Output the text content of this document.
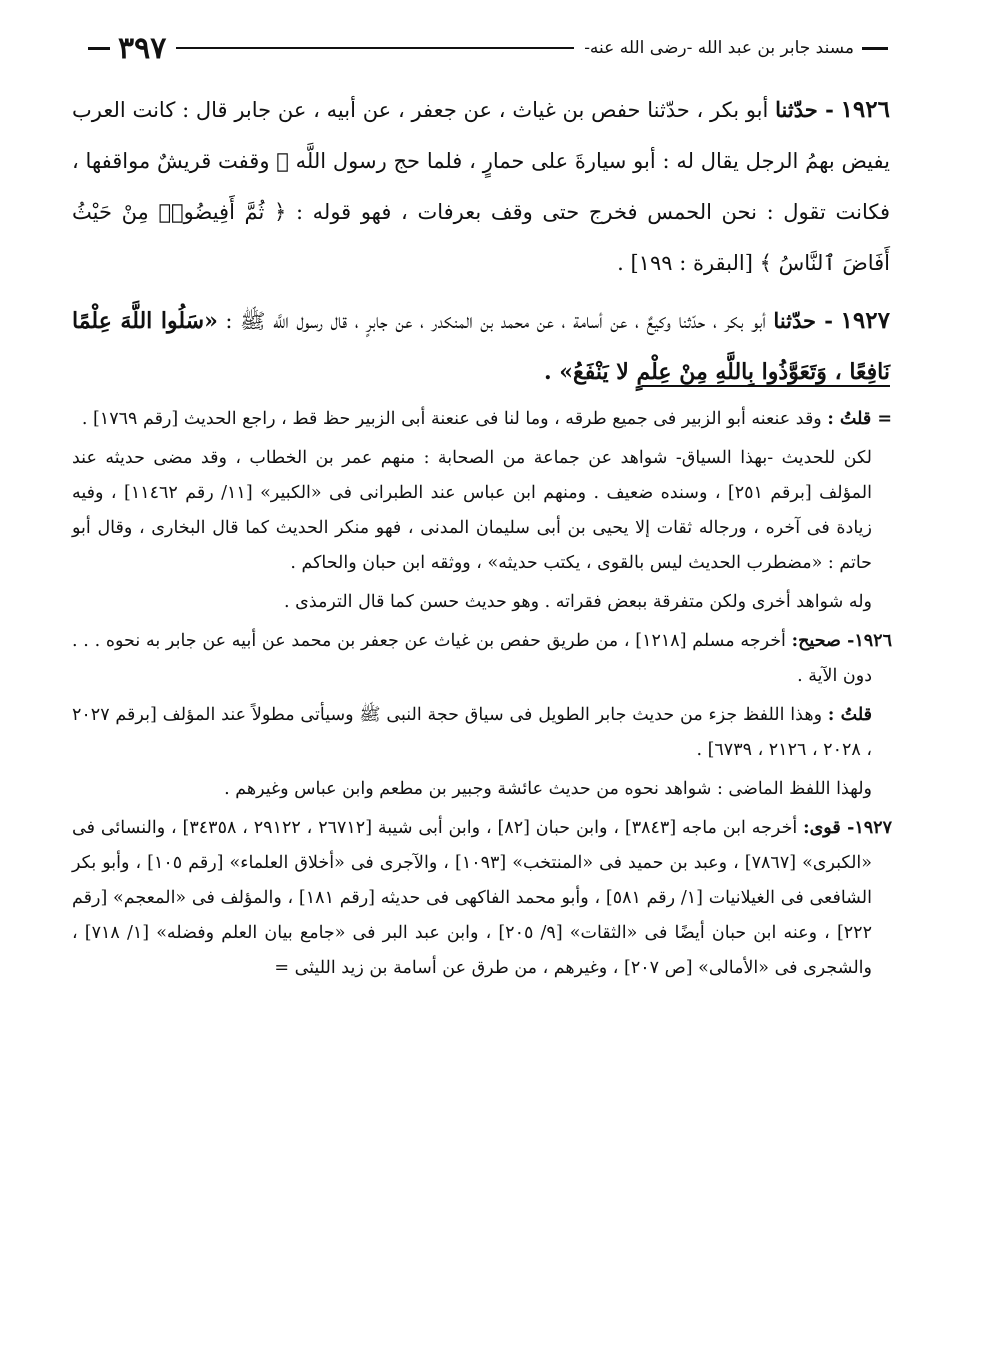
٣٩٧	مسند جابر بن عبد الله -رضى الله عنه-

١٩٢٦ - حدّثنا أبو بكر ، حدّثنا حفص بن غياث ، عن جعفر ، عن أبيه ، عن جابر قال : كانت العرب يفيض بهمُ الرجل يقال له : أبو سيارةَ على حمارٍ ، فلما حج رسول اللَّه ﷺ وقفت قريشٌ مواقفها ، فكانت تقول : نحن الحمس فخرج حتى وقف بعرفات ، فهو قوله : ﴿ ثُمَّ أَفِيضُوا۟ مِنْ حَيْثُ أَفَاضَ ٱلنَّاسُ ﴾ [البقرة : ١٩٩] .

١٩٢٧ - حدّثنا أبو بكر ، حدّثنا وكيعٌ ، عن أسامة ، عن محمد بن المنكدر ، عن جابرٍ ، قال رسول اللَّه ﷺ : «سَلُوا اللَّهَ عِلْمًا نَافِعًا ، وَتَعَوَّذُوا بِاللَّهِ مِنْ عِلْمٍ لا يَنْفَعُ» .

= قلتُ : وقد عنعنه أبو الزبير فى جميع طرقه ، وما لنا فى عنعنة أبى الزبير حظ قط ، راجع الحديث [رقم ١٧٦٩] .

لكن للحديث -بهذا السياق- شواهد عن جماعة من الصحابة : منهم عمر بن الخطاب ، وقد مضى حديثه عند المؤلف [برقم ٢٥١] ، وسنده ضعيف . ومنهم ابن عباس عند الطبرانى فى «الكبير» [١١/ رقم ١١٤٦٢] ، وفيه زيادة فى آخره ، ورجاله ثقات إلا يحيى بن أبى سليمان المدنى ، فهو منكر الحديث كما قال البخارى ، وقال أبو حاتم : «مضطرب الحديث ليس بالقوى ، يكتب حديثه» ، ووثقه ابن حبان والحاكم .

وله شواهد أخرى ولكن متفرقة ببعض فقراته . وهو حديث حسن كما قال الترمذى .

١٩٢٦- صحيح: أخرجه مسلم [١٢١٨] ، من طريق حفص بن غياث عن جعفر بن محمد عن أبيه عن جابر به نحوه . . . دون الآية .

قلتُ : وهذا اللفظ جزء من حديث جابر الطويل فى سياق حجة النبى ﷺ وسيأتى مطولاً عند المؤلف [برقم ٢٠٢٧ ، ٢٠٢٨ ، ٢١٢٦ ، ٦٧٣٩] .

ولهذا اللفظ الماضى : شواهد نحوه من حديث عائشة وجبير بن مطعم وابن عباس وغيرهم .

١٩٢٧- قوى: أخرجه ابن ماجه [٣٨٤٣] ، وابن حبان [٨٢] ، وابن أبى شيبة [٢٦٧١٢ ، ٢٩١٢٢ ، ٣٤٣٥٨] ، والنسائى فى «الكبرى» [٧٨٦٧] ، وعبد بن حميد فى «المنتخب» [١٠٩٣] ، والآجرى فى «أخلاق العلماء» [رقم ١٠٥] ، وأبو بكر الشافعى فى الغيلانيات [١/ رقم ٥٨١] ، وأبو محمد الفاكهى فى حديثه [رقم ١٨١] ، والمؤلف فى «المعجم» [رقم ٢٢٢] ، وعنه ابن حبان أيضًا فى «الثقات» [٩/ ٢٠٥] ، وابن عبد البر فى «جامع بيان العلم وفضله» [١/ ٧١٨] ، والشجرى فى «الأمالى» [ص ٢٠٧] ، وغيرهم ، من طرق عن أسامة بن زيد الليثى =
